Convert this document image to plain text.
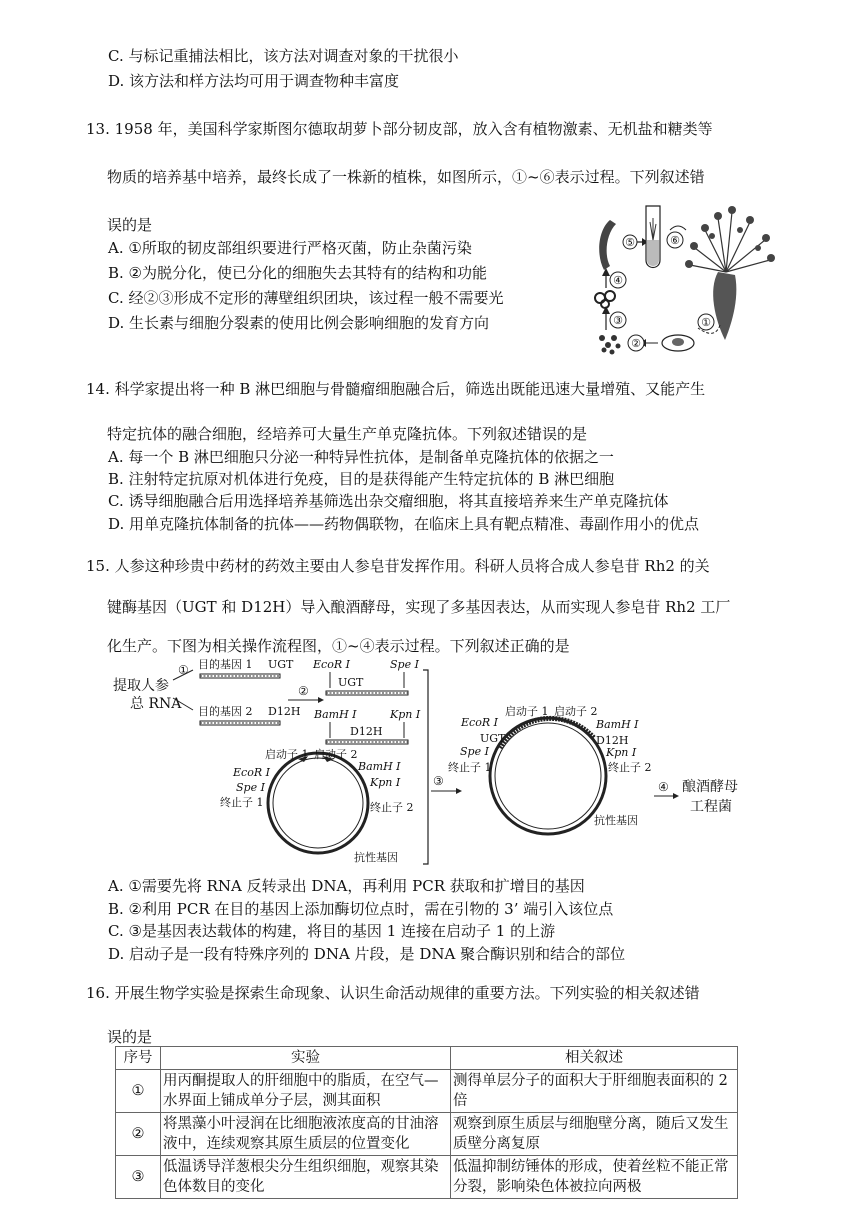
C. 与标记重捕法相比，该方法对调查对象的干扰很小
D. 该方法和样方法均可用于调查物种丰富度
13. 1958 年，美国科学家斯图尔德取胡萝卜部分韧皮部，放入含有植物激素、无机盐和糖类等
物质的培养基中培养，最终长成了一株新的植株，如图所示，①~⑥表示过程。下列叙述错
误的是
A. ①所取的韧皮部组织要进行严格灭菌，防止杂菌污染
B. ②为脱分化，使已分化的细胞失去其特有的结构和功能
C. 经②③形成不定形的薄壁组织团块，该过程一般不需要光
D. 生长素与细胞分裂素的使用比例会影响细胞的发育方向
⑤	⑥
①
②
③
④
14. 科学家提出将一种 B 淋巴细胞与骨髓瘤细胞融合后，筛选出既能迅速大量增殖、又能产生
特定抗体的融合细胞，经培养可大量生产单克隆抗体。下列叙述错误的是
A. 每一个 B 淋巴细胞只分泌一种特异性抗体，是制备单克隆抗体的依据之一
B. 注射特定抗原对机体进行免疫，目的是获得能产生特定抗体的 B 淋巴细胞
C. 诱导细胞融合后用选择培养基筛选出杂交瘤细胞，将其直接培养来生产单克隆抗体
D. 用单克隆抗体制备的抗体——药物偶联物，在临床上具有靶点精准、毒副作用小的优点
15. 人参这种珍贵中药材的药效主要由人参皂苷发挥作用。科研人员将合成人参皂苷 Rh2 的关
键酶基因（UGT 和 D12H）导入酿酒酵母，实现了多基因表达，从而实现人参皂苷 Rh2 工厂
化生产。下图为相关操作流程图，①~④表示过程。下列叙述正确的是
提取人参
总 RNA
① 目的基因 1 UGT
目的基因 2 D12H
②
EcoR Ⅰ	Spe Ⅰ
UGT
BamH Ⅰ	Kpn Ⅰ
D12H
启动子 1 启动子 2
EcoR Ⅰ
Spe Ⅰ
终止子 1
BamH Ⅰ
Kpn Ⅰ
终止子 2
抗性基因
③
启动子 1 启动子 2
EcoR Ⅰ
UGT
Spe Ⅰ
终止子 1
BamH Ⅰ
D12H
Kpn Ⅰ
终止子 2
抗性基因
④ 酿酒酵母
工程菌
A. ①需要先将 RNA 反转录出 DNA，再利用 PCR 获取和扩增目的基因
B. ②利用 PCR 在目的基因上添加酶切位点时，需在引物的 3’ 端引入该位点
C. ③是基因表达载体的构建，将目的基因 1 连接在启动子 1 的上游
D. 启动子是一段有特殊序列的 DNA 片段，是 DNA 聚合酶识别和结合的部位
16. 开展生物学实验是探索生命现象、认识生命活动规律的重要方法。下列实验的相关叙述错
误的是
序号	实验	相关叙述
①	用丙酮提取人的肝细胞中的脂质，在空气—水界面上铺成单分子层，测其面积	测得单层分子的面积大于肝细胞表面积的 2 倍
②	将黑藻小叶浸润在比细胞液浓度高的甘油溶液中，连续观察其原生质层的位置变化	观察到原生质层与细胞壁分离，随后又发生质壁分离复原
③	低温诱导洋葱根尖分生组织细胞，观察其染色体数目的变化	低温抑制纺锤体的形成，使着丝粒不能正常分裂，影响染色体被拉向两极
